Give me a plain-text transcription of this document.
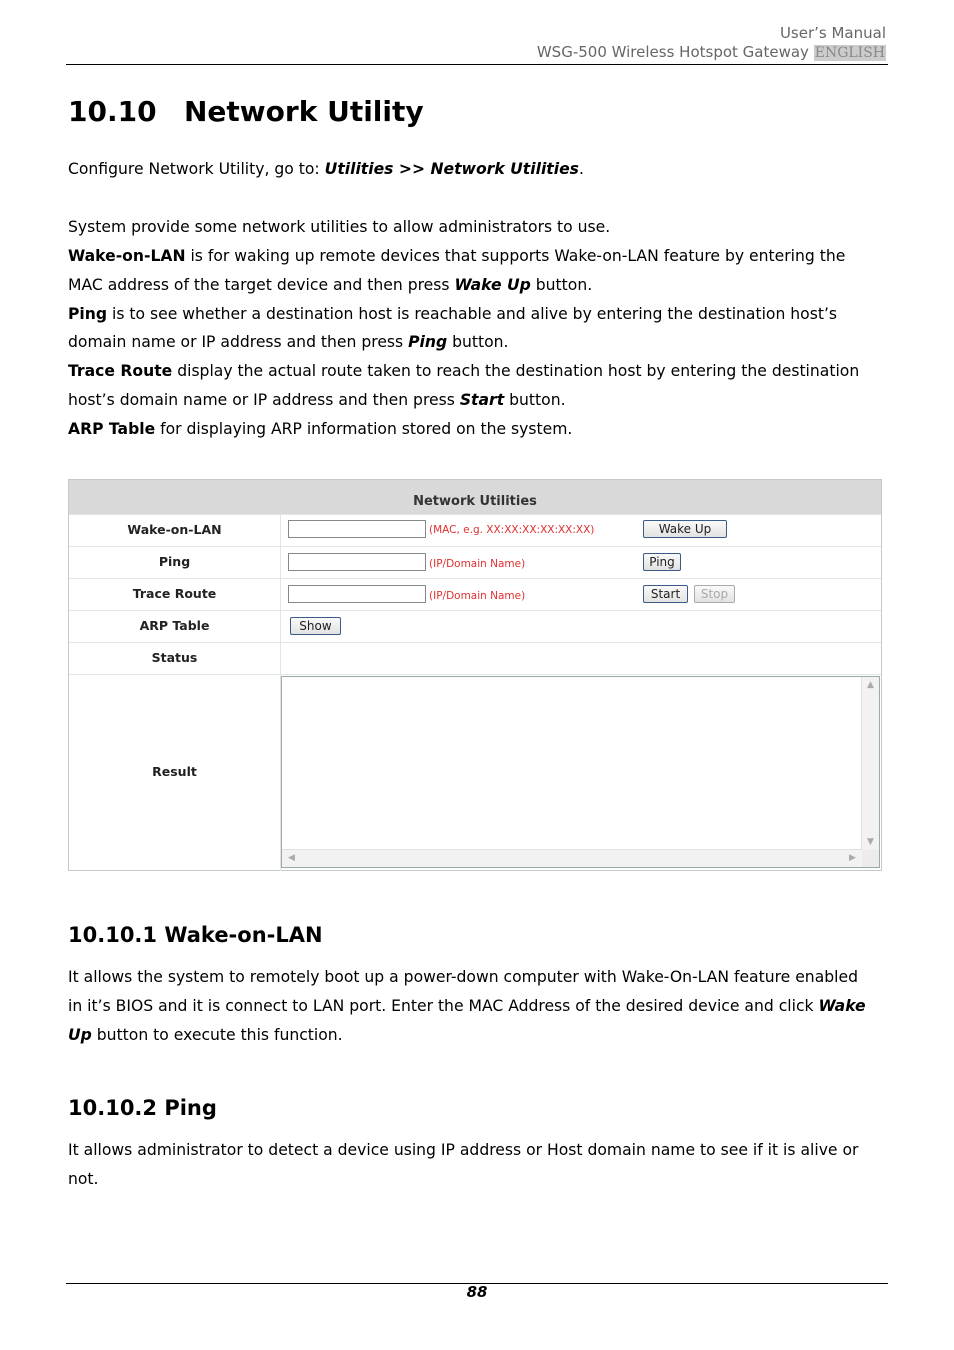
User’s Manual
WSG-500 Wireless Hotspot Gateway ENGLISH
10.10 Network Utility
Configure Network Utility, go to: Utilities >> Network Utilities.
System provide some network utilities to allow administrators to use.
Wake-on-LAN is for waking up remote devices that supports Wake-on-LAN feature by entering the
MAC address of the target device and then press Wake Up button.
Ping is to see whether a destination host is reachable and alive by entering the destination host’s
domain name or IP address and then press Ping button.
Trace Route display the actual route taken to reach the destination host by entering the destination
host’s domain name or IP address and then press Start button.
ARP Table for displaying ARP information stored on the system.
Network Utilities
Wake-on-LAN	(MAC, e.g. XX:XX:XX:XX:XX:XX)	Wake Up
Ping	(IP/Domain Name)	Ping
Trace Route	(IP/Domain Name)	Start	Stop
ARP Table	Show
Status
Result
▲
▼
◀	▶
10.10.1 Wake-on-LAN
It allows the system to remotely boot up a power-down computer with Wake-On-LAN feature enabled
in it’s BIOS and it is connect to LAN port. Enter the MAC Address of the desired device and click Wake
Up button to execute this function.
10.10.2 Ping
It allows administrator to detect a device using IP address or Host domain name to see if it is alive or
not.
88
